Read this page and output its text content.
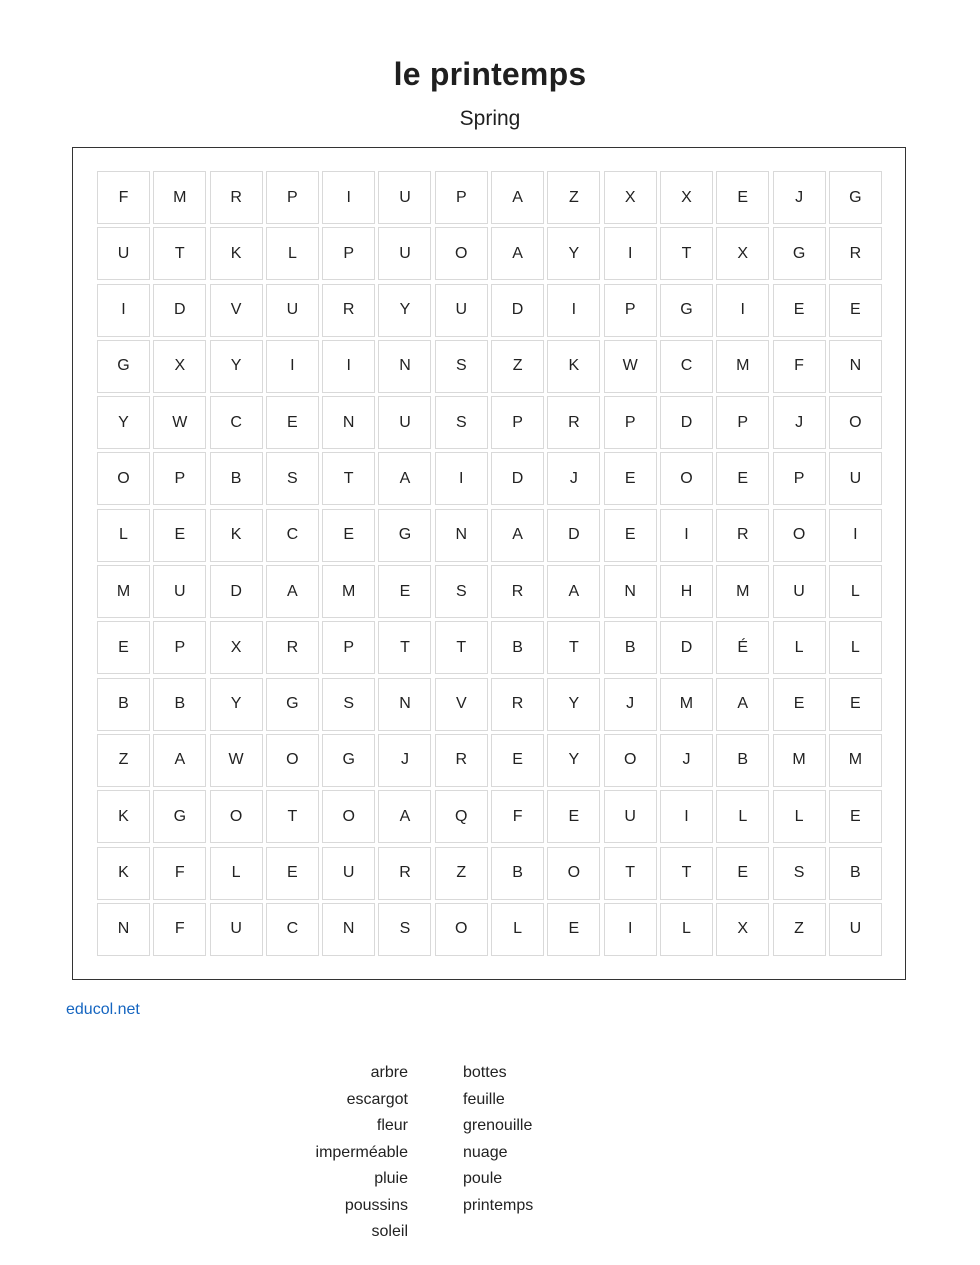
le printemps
Spring
F	M	R	P	I	U	P	A	Z	X	X	E	J	G
U	T	K	L	P	U	O	A	Y	I	T	X	G	R
I	D	V	U	R	Y	U	D	I	P	G	I	E	E
G	X	Y	I	I	N	S	Z	K	W	C	M	F	N
Y	W	C	E	N	U	S	P	R	P	D	P	J	O
O	P	B	S	T	A	I	D	J	E	O	E	P	U
L	E	K	C	E	G	N	A	D	E	I	R	O	I
M	U	D	A	M	E	S	R	A	N	H	M	U	L
E	P	X	R	P	T	T	B	T	B	D	É	L	L
B	B	Y	G	S	N	V	R	Y	J	M	A	E	E
Z	A	W	O	G	J	R	E	Y	O	J	B	M	M
K	G	O	T	O	A	Q	F	E	U	I	L	L	E
K	F	L	E	U	R	Z	B	O	T	T	E	S	B
N	F	U	C	N	S	O	L	E	I	L	X	Z	U
educol.net
arbre
escargot
fleur
imperméable
pluie
poussins
soleil
bottes
feuille
grenouille
nuage
poule
printemps
